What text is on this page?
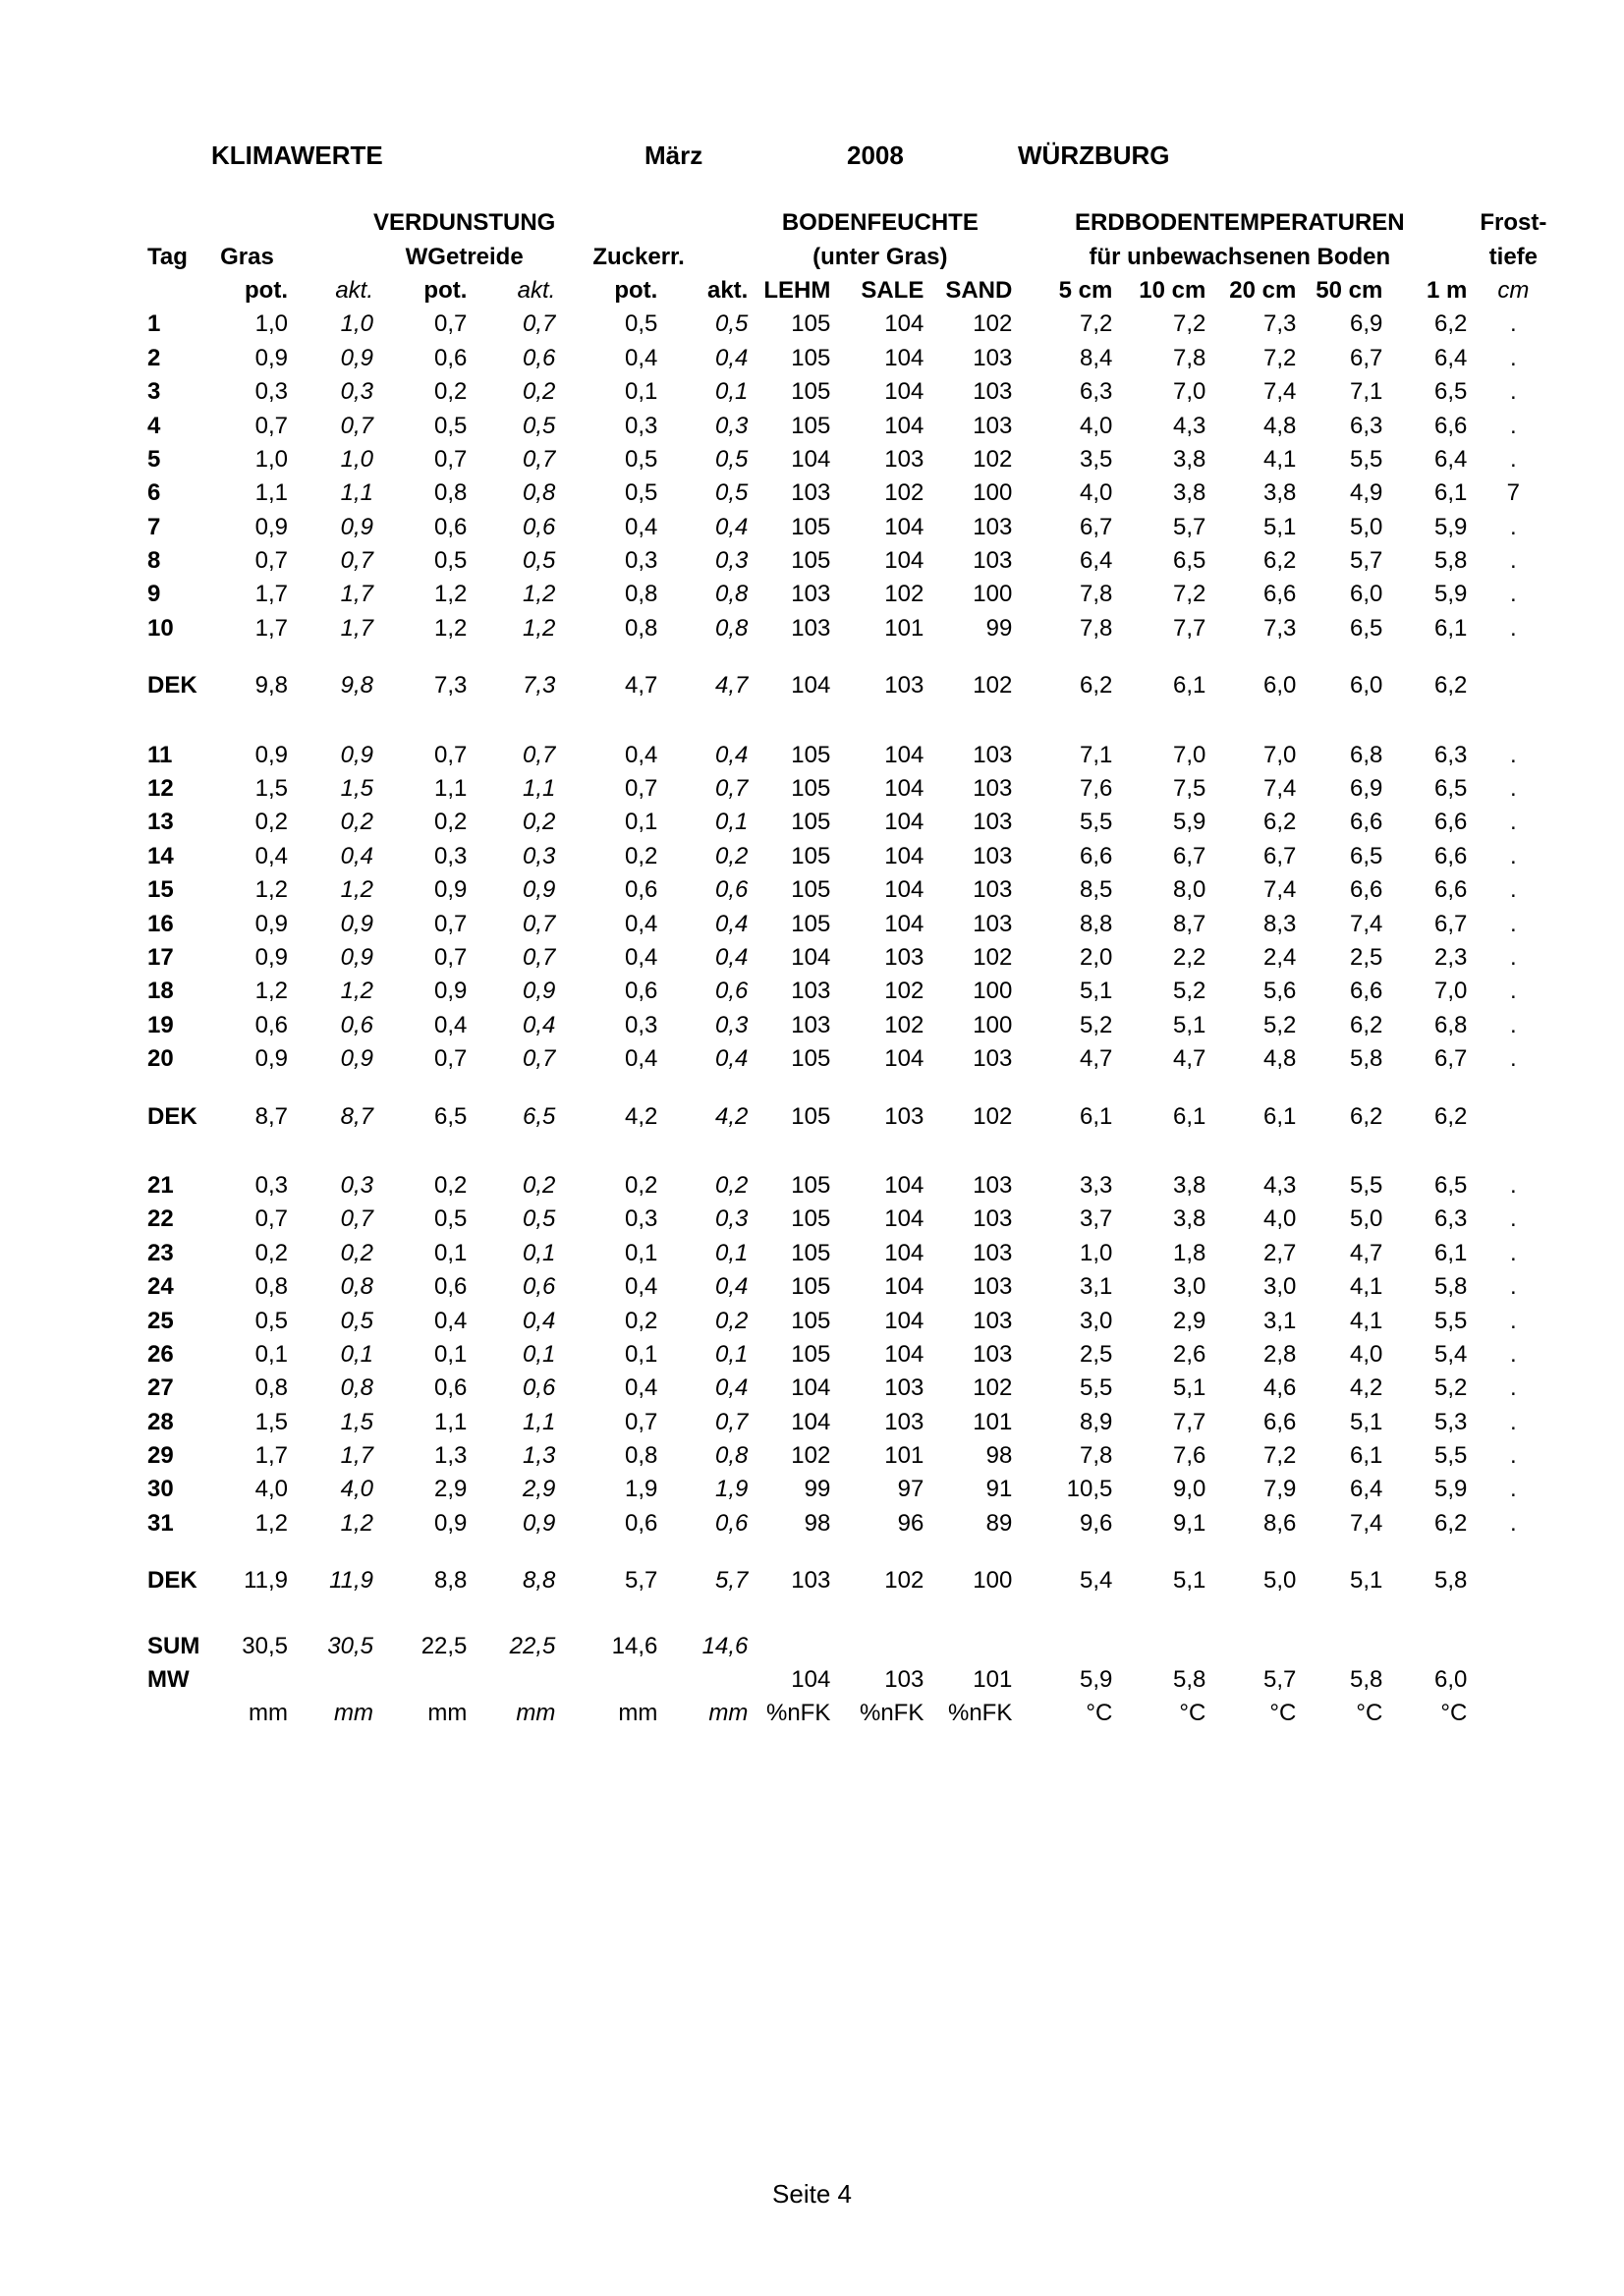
KLIMAWERTE	März	2008	WÜRZBURG
			VERDUNSTUNG				BODENFEUCHTE			ERDBODENTEMPERATUREN					Frost-
Tag	Gras		WGetreide		Zuckerr.		(unter Gras)			für unbewachsenen Boden					tiefe
	pot.	akt.	pot.	akt.	pot.	akt.	LEHM	SALE	SAND	5 cm	10 cm	20 cm	50 cm	1 m	cm
1	1,0	1,0	0,7	0,7	0,5	0,5	105	104	102	7,2	7,2	7,3	6,9	6,2	.
2	0,9	0,9	0,6	0,6	0,4	0,4	105	104	103	8,4	7,8	7,2	6,7	6,4	.
3	0,3	0,3	0,2	0,2	0,1	0,1	105	104	103	6,3	7,0	7,4	7,1	6,5	.
4	0,7	0,7	0,5	0,5	0,3	0,3	105	104	103	4,0	4,3	4,8	6,3	6,6	.
5	1,0	1,0	0,7	0,7	0,5	0,5	104	103	102	3,5	3,8	4,1	5,5	6,4	.
6	1,1	1,1	0,8	0,8	0,5	0,5	103	102	100	4,0	3,8	3,8	4,9	6,1	7
7	0,9	0,9	0,6	0,6	0,4	0,4	105	104	103	6,7	5,7	5,1	5,0	5,9	.
8	0,7	0,7	0,5	0,5	0,3	0,3	105	104	103	6,4	6,5	6,2	5,7	5,8	.
9	1,7	1,7	1,2	1,2	0,8	0,8	103	102	100	7,8	7,2	6,6	6,0	5,9	.
10	1,7	1,7	1,2	1,2	0,8	0,8	103	101	99	7,8	7,7	7,3	6,5	6,1	.

DEK	9,8	9,8	7,3	7,3	4,7	4,7	104	103	102	6,2	6,1	6,0	6,0	6,2	

11	0,9	0,9	0,7	0,7	0,4	0,4	105	104	103	7,1	7,0	7,0	6,8	6,3	.
12	1,5	1,5	1,1	1,1	0,7	0,7	105	104	103	7,6	7,5	7,4	6,9	6,5	.
13	0,2	0,2	0,2	0,2	0,1	0,1	105	104	103	5,5	5,9	6,2	6,6	6,6	.
14	0,4	0,4	0,3	0,3	0,2	0,2	105	104	103	6,6	6,7	6,7	6,5	6,6	.
15	1,2	1,2	0,9	0,9	0,6	0,6	105	104	103	8,5	8,0	7,4	6,6	6,6	.
16	0,9	0,9	0,7	0,7	0,4	0,4	105	104	103	8,8	8,7	8,3	7,4	6,7	.
17	0,9	0,9	0,7	0,7	0,4	0,4	104	103	102	2,0	2,2	2,4	2,5	2,3	.
18	1,2	1,2	0,9	0,9	0,6	0,6	103	102	100	5,1	5,2	5,6	6,6	7,0	.
19	0,6	0,6	0,4	0,4	0,3	0,3	103	102	100	5,2	5,1	5,2	6,2	6,8	.
20	0,9	0,9	0,7	0,7	0,4	0,4	105	104	103	4,7	4,7	4,8	5,8	6,7	.

DEK	8,7	8,7	6,5	6,5	4,2	4,2	105	103	102	6,1	6,1	6,1	6,2	6,2	

21	0,3	0,3	0,2	0,2	0,2	0,2	105	104	103	3,3	3,8	4,3	5,5	6,5	.
22	0,7	0,7	0,5	0,5	0,3	0,3	105	104	103	3,7	3,8	4,0	5,0	6,3	.
23	0,2	0,2	0,1	0,1	0,1	0,1	105	104	103	1,0	1,8	2,7	4,7	6,1	.
24	0,8	0,8	0,6	0,6	0,4	0,4	105	104	103	3,1	3,0	3,0	4,1	5,8	.
25	0,5	0,5	0,4	0,4	0,2	0,2	105	104	103	3,0	2,9	3,1	4,1	5,5	.
26	0,1	0,1	0,1	0,1	0,1	0,1	105	104	103	2,5	2,6	2,8	4,0	5,4	.
27	0,8	0,8	0,6	0,6	0,4	0,4	104	103	102	5,5	5,1	4,6	4,2	5,2	.
28	1,5	1,5	1,1	1,1	0,7	0,7	104	103	101	8,9	7,7	6,6	5,1	5,3	.
29	1,7	1,7	1,3	1,3	0,8	0,8	102	101	98	7,8	7,6	7,2	6,1	5,5	.
30	4,0	4,0	2,9	2,9	1,9	1,9	99	97	91	10,5	9,0	7,9	6,4	5,9	.
31	1,2	1,2	0,9	0,9	0,6	0,6	98	96	89	9,6	9,1	8,6	7,4	6,2	.

DEK	11,9	11,9	8,8	8,8	5,7	5,7	103	102	100	5,4	5,1	5,0	5,1	5,8	

SUM	30,5	30,5	22,5	22,5	14,6	14,6									
MW							104	103	101	5,9	5,8	5,7	5,8	6,0	
	mm	mm	mm	mm	mm	mm	%nFK	%nFK	%nFK	°C	°C	°C	°C	°C	
Seite 4
